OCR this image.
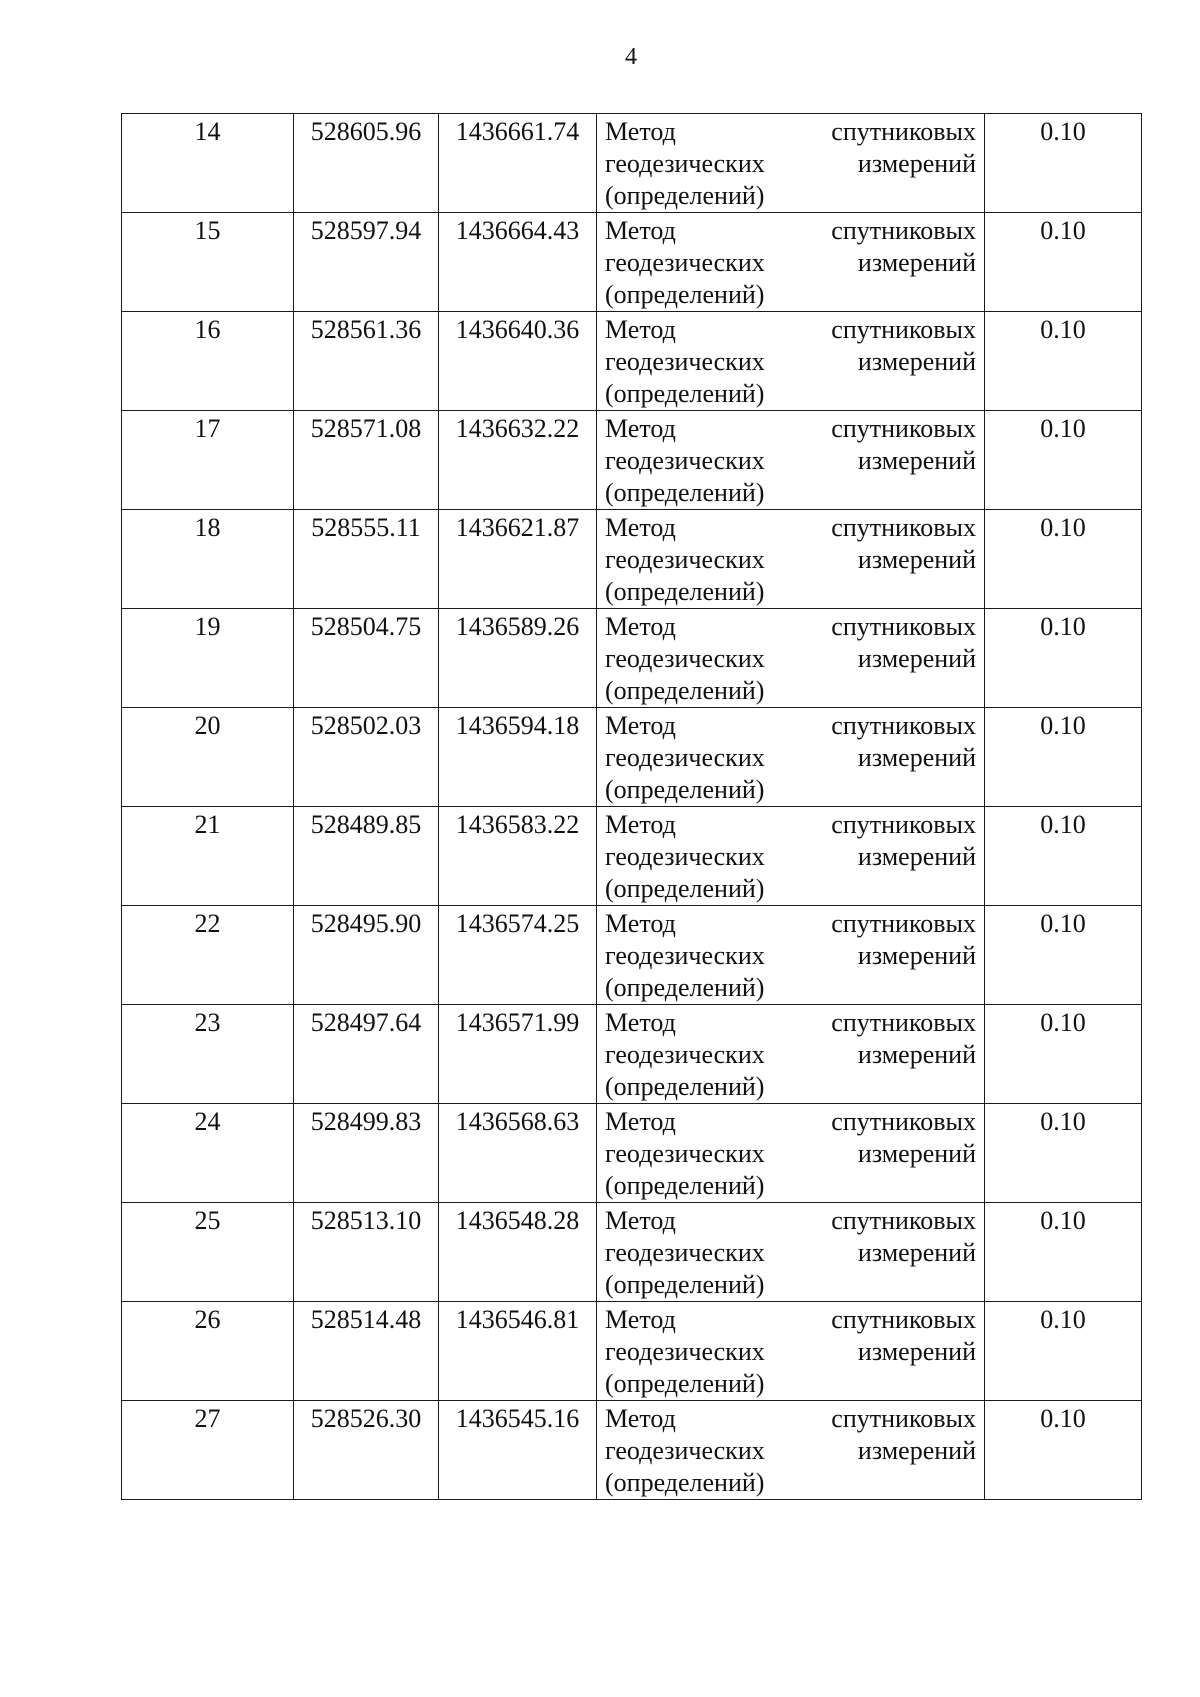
4
14	528605.96	1436661.74	Метод спутниковых
геодезических измерений
(определений)	0.10
15	528597.94	1436664.43	Метод спутниковых
геодезических измерений
(определений)	0.10
16	528561.36	1436640.36	Метод спутниковых
геодезических измерений
(определений)	0.10
17	528571.08	1436632.22	Метод спутниковых
геодезических измерений
(определений)	0.10
18	528555.11	1436621.87	Метод спутниковых
геодезических измерений
(определений)	0.10
19	528504.75	1436589.26	Метод спутниковых
геодезических измерений
(определений)	0.10
20	528502.03	1436594.18	Метод спутниковых
геодезических измерений
(определений)	0.10
21	528489.85	1436583.22	Метод спутниковых
геодезических измерений
(определений)	0.10
22	528495.90	1436574.25	Метод спутниковых
геодезических измерений
(определений)	0.10
23	528497.64	1436571.99	Метод спутниковых
геодезических измерений
(определений)	0.10
24	528499.83	1436568.63	Метод спутниковых
геодезических измерений
(определений)	0.10
25	528513.10	1436548.28	Метод спутниковых
геодезических измерений
(определений)	0.10
26	528514.48	1436546.81	Метод спутниковых
геодезических измерений
(определений)	0.10
27	528526.30	1436545.16	Метод спутниковых
геодезических измерений
(определений)	0.10
